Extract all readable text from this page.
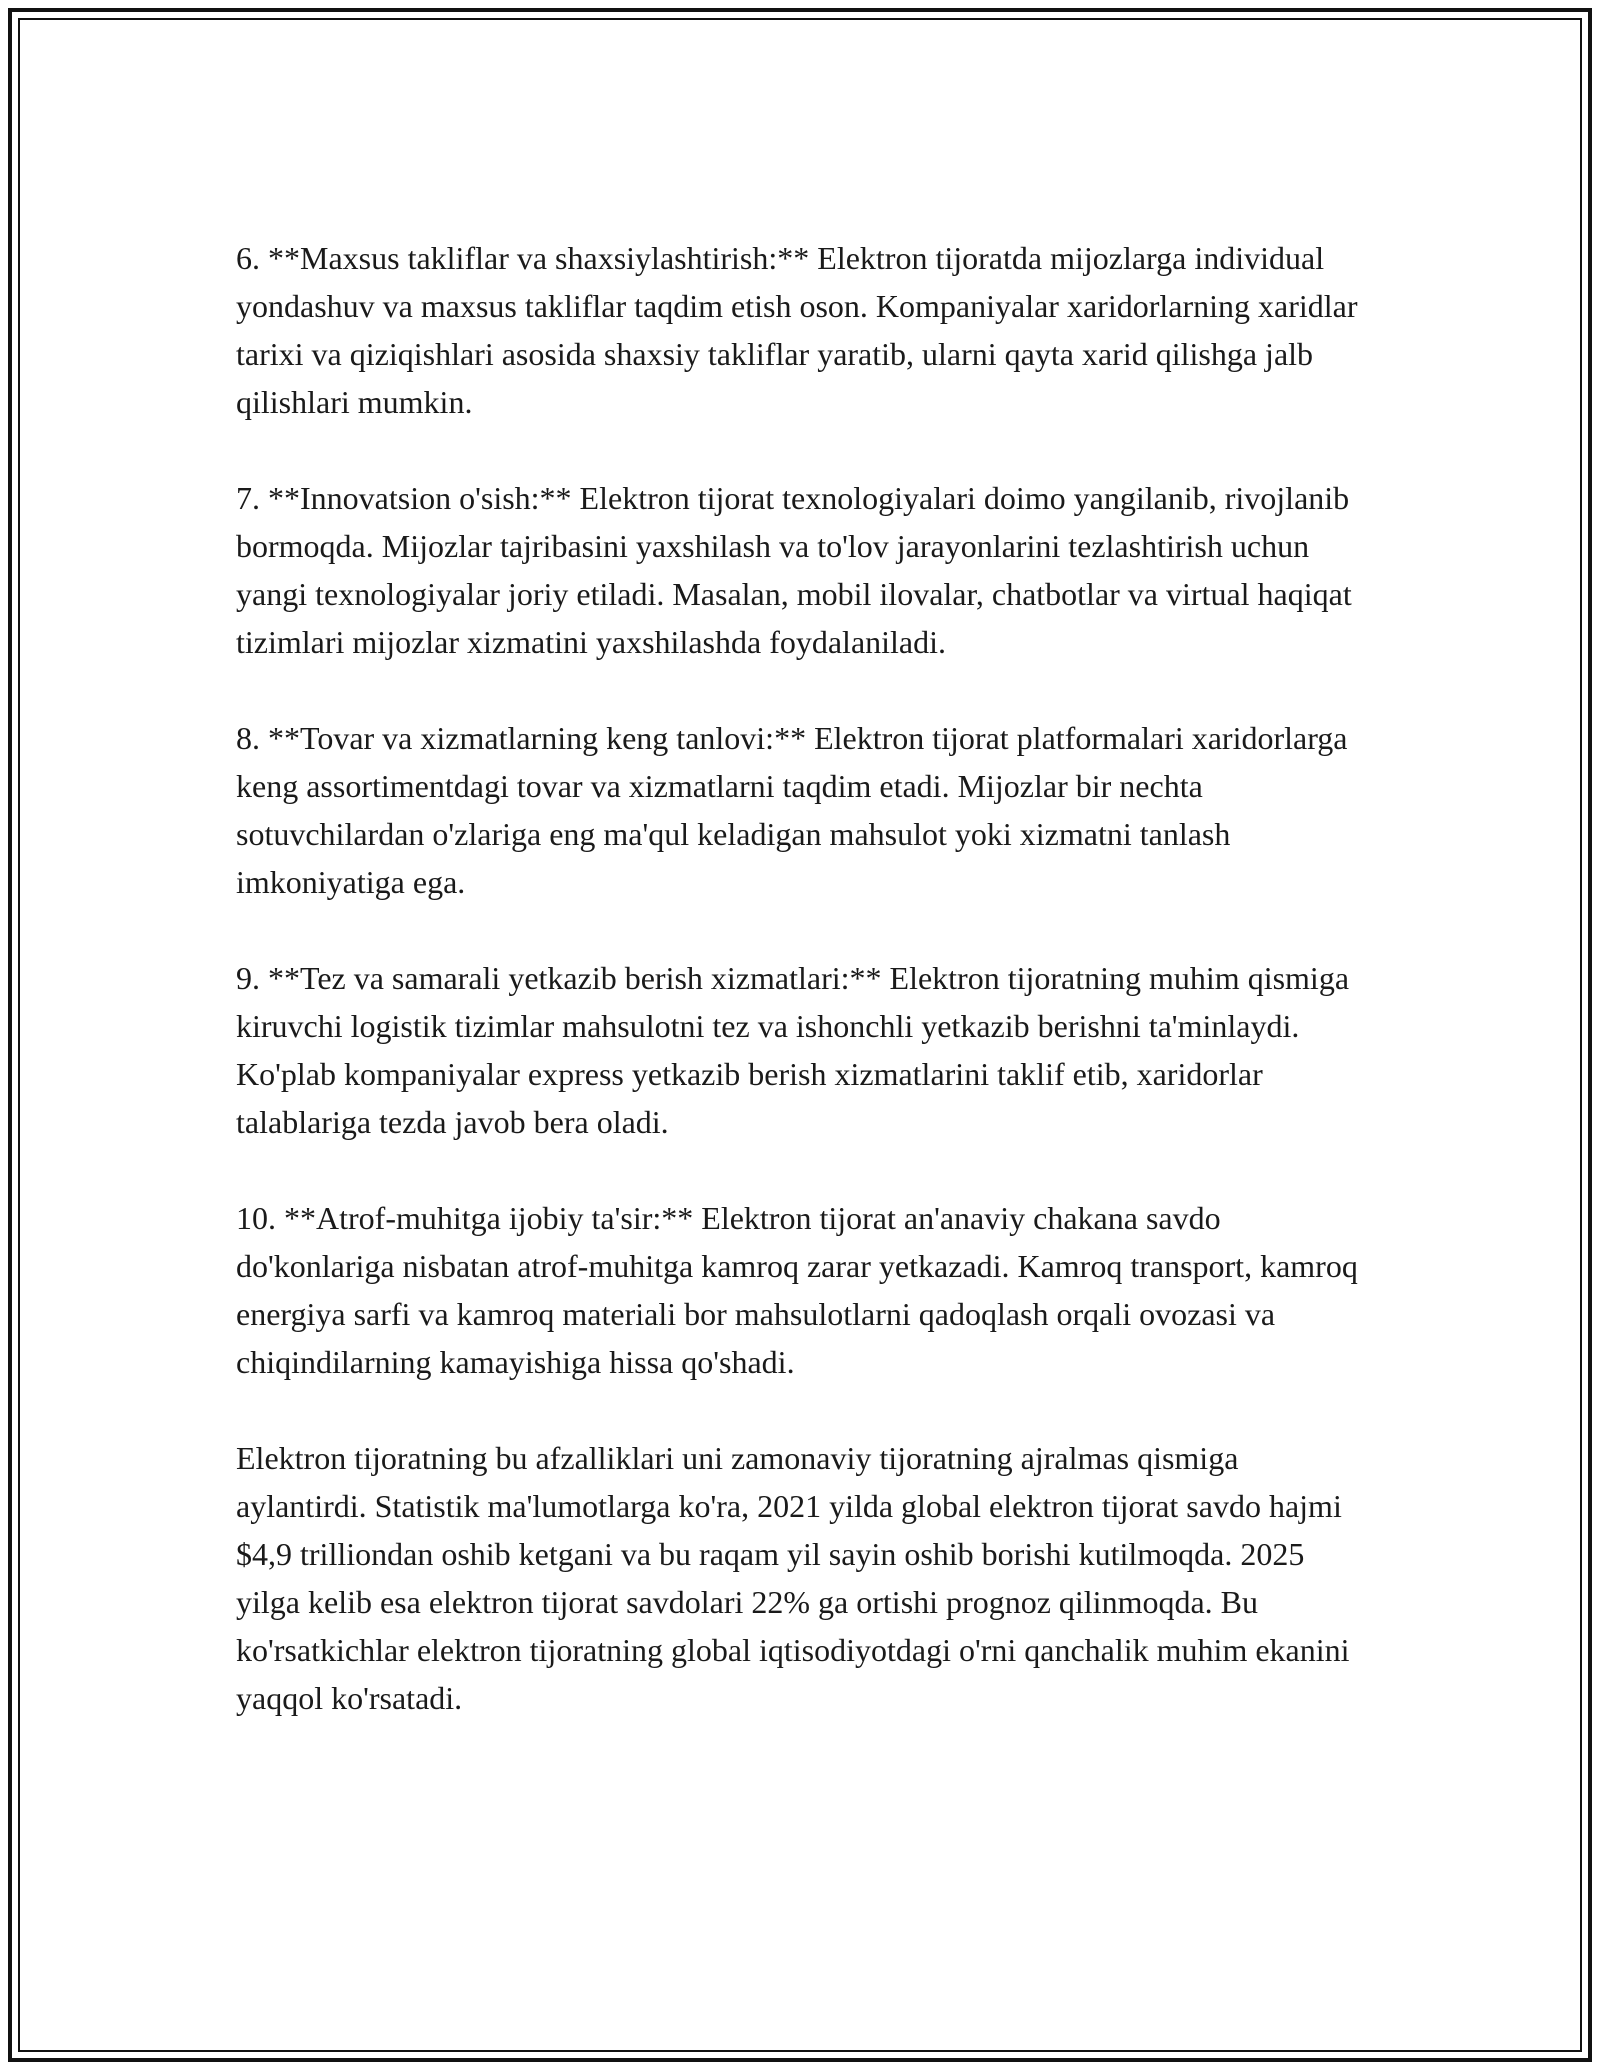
6. **Maxsus takliflar va shaxsiylashtirish:** Elektron tijoratda mijozlarga individual yondashuv va maxsus takliflar taqdim etish oson. Kompaniyalar xaridorlarning xaridlar tarixi va qiziqishlari asosida shaxsiy takliflar yaratib, ularni qayta xarid qilishga jalb qilishlari mumkin.

7. **Innovatsion o'sish:** Elektron tijorat texnologiyalari doimo yangilanib, rivojlanib bormoqda. Mijozlar tajribasini yaxshilash va to'lov jarayonlarini tezlashtirish uchun yangi texnologiyalar joriy etiladi. Masalan, mobil ilovalar, chatbotlar va virtual haqiqat tizimlari mijozlar xizmatini yaxshilashda foydalaniladi.

8. **Tovar va xizmatlarning keng tanlovi:** Elektron tijorat platformalari xaridorlarga keng assortimentdagi tovar va xizmatlarni taqdim etadi. Mijozlar bir nechta sotuvchilardan o'zlariga eng ma'qul keladigan mahsulot yoki xizmatni tanlash imkoniyatiga ega.

9. **Tez va samarali yetkazib berish xizmatlari:** Elektron tijoratning muhim qismiga kiruvchi logistik tizimlar mahsulotni tez va ishonchli yetkazib berishni ta'minlaydi. Ko'plab kompaniyalar express yetkazib berish xizmatlarini taklif etib, xaridorlar talablariga tezda javob bera oladi.

10. **Atrof-muhitga ijobiy ta'sir:** Elektron tijorat an'anaviy chakana savdo do'konlariga nisbatan atrof-muhitga kamroq zarar yetkazadi. Kamroq transport, kamroq energiya sarfi va kamroq materiali bor mahsulotlarni qadoqlash orqali ovozasi va chiqindilarning kamayishiga hissa qo'shadi.

Elektron tijoratning bu afzalliklari uni zamonaviy tijoratning ajralmas qismiga aylantirdi. Statistik ma'lumotlarga ko'ra, 2021 yilda global elektron tijorat savdo hajmi $4,9 trilliondan oshib ketgani va bu raqam yil sayin oshib borishi kutilmoqda. 2025 yilga kelib esa elektron tijorat savdolari 22% ga ortishi prognoz qilinmoqda. Bu ko'rsatkichlar elektron tijoratning global iqtisodiyotdagi o'rni qanchalik muhim ekanini yaqqol ko'rsatadi.
